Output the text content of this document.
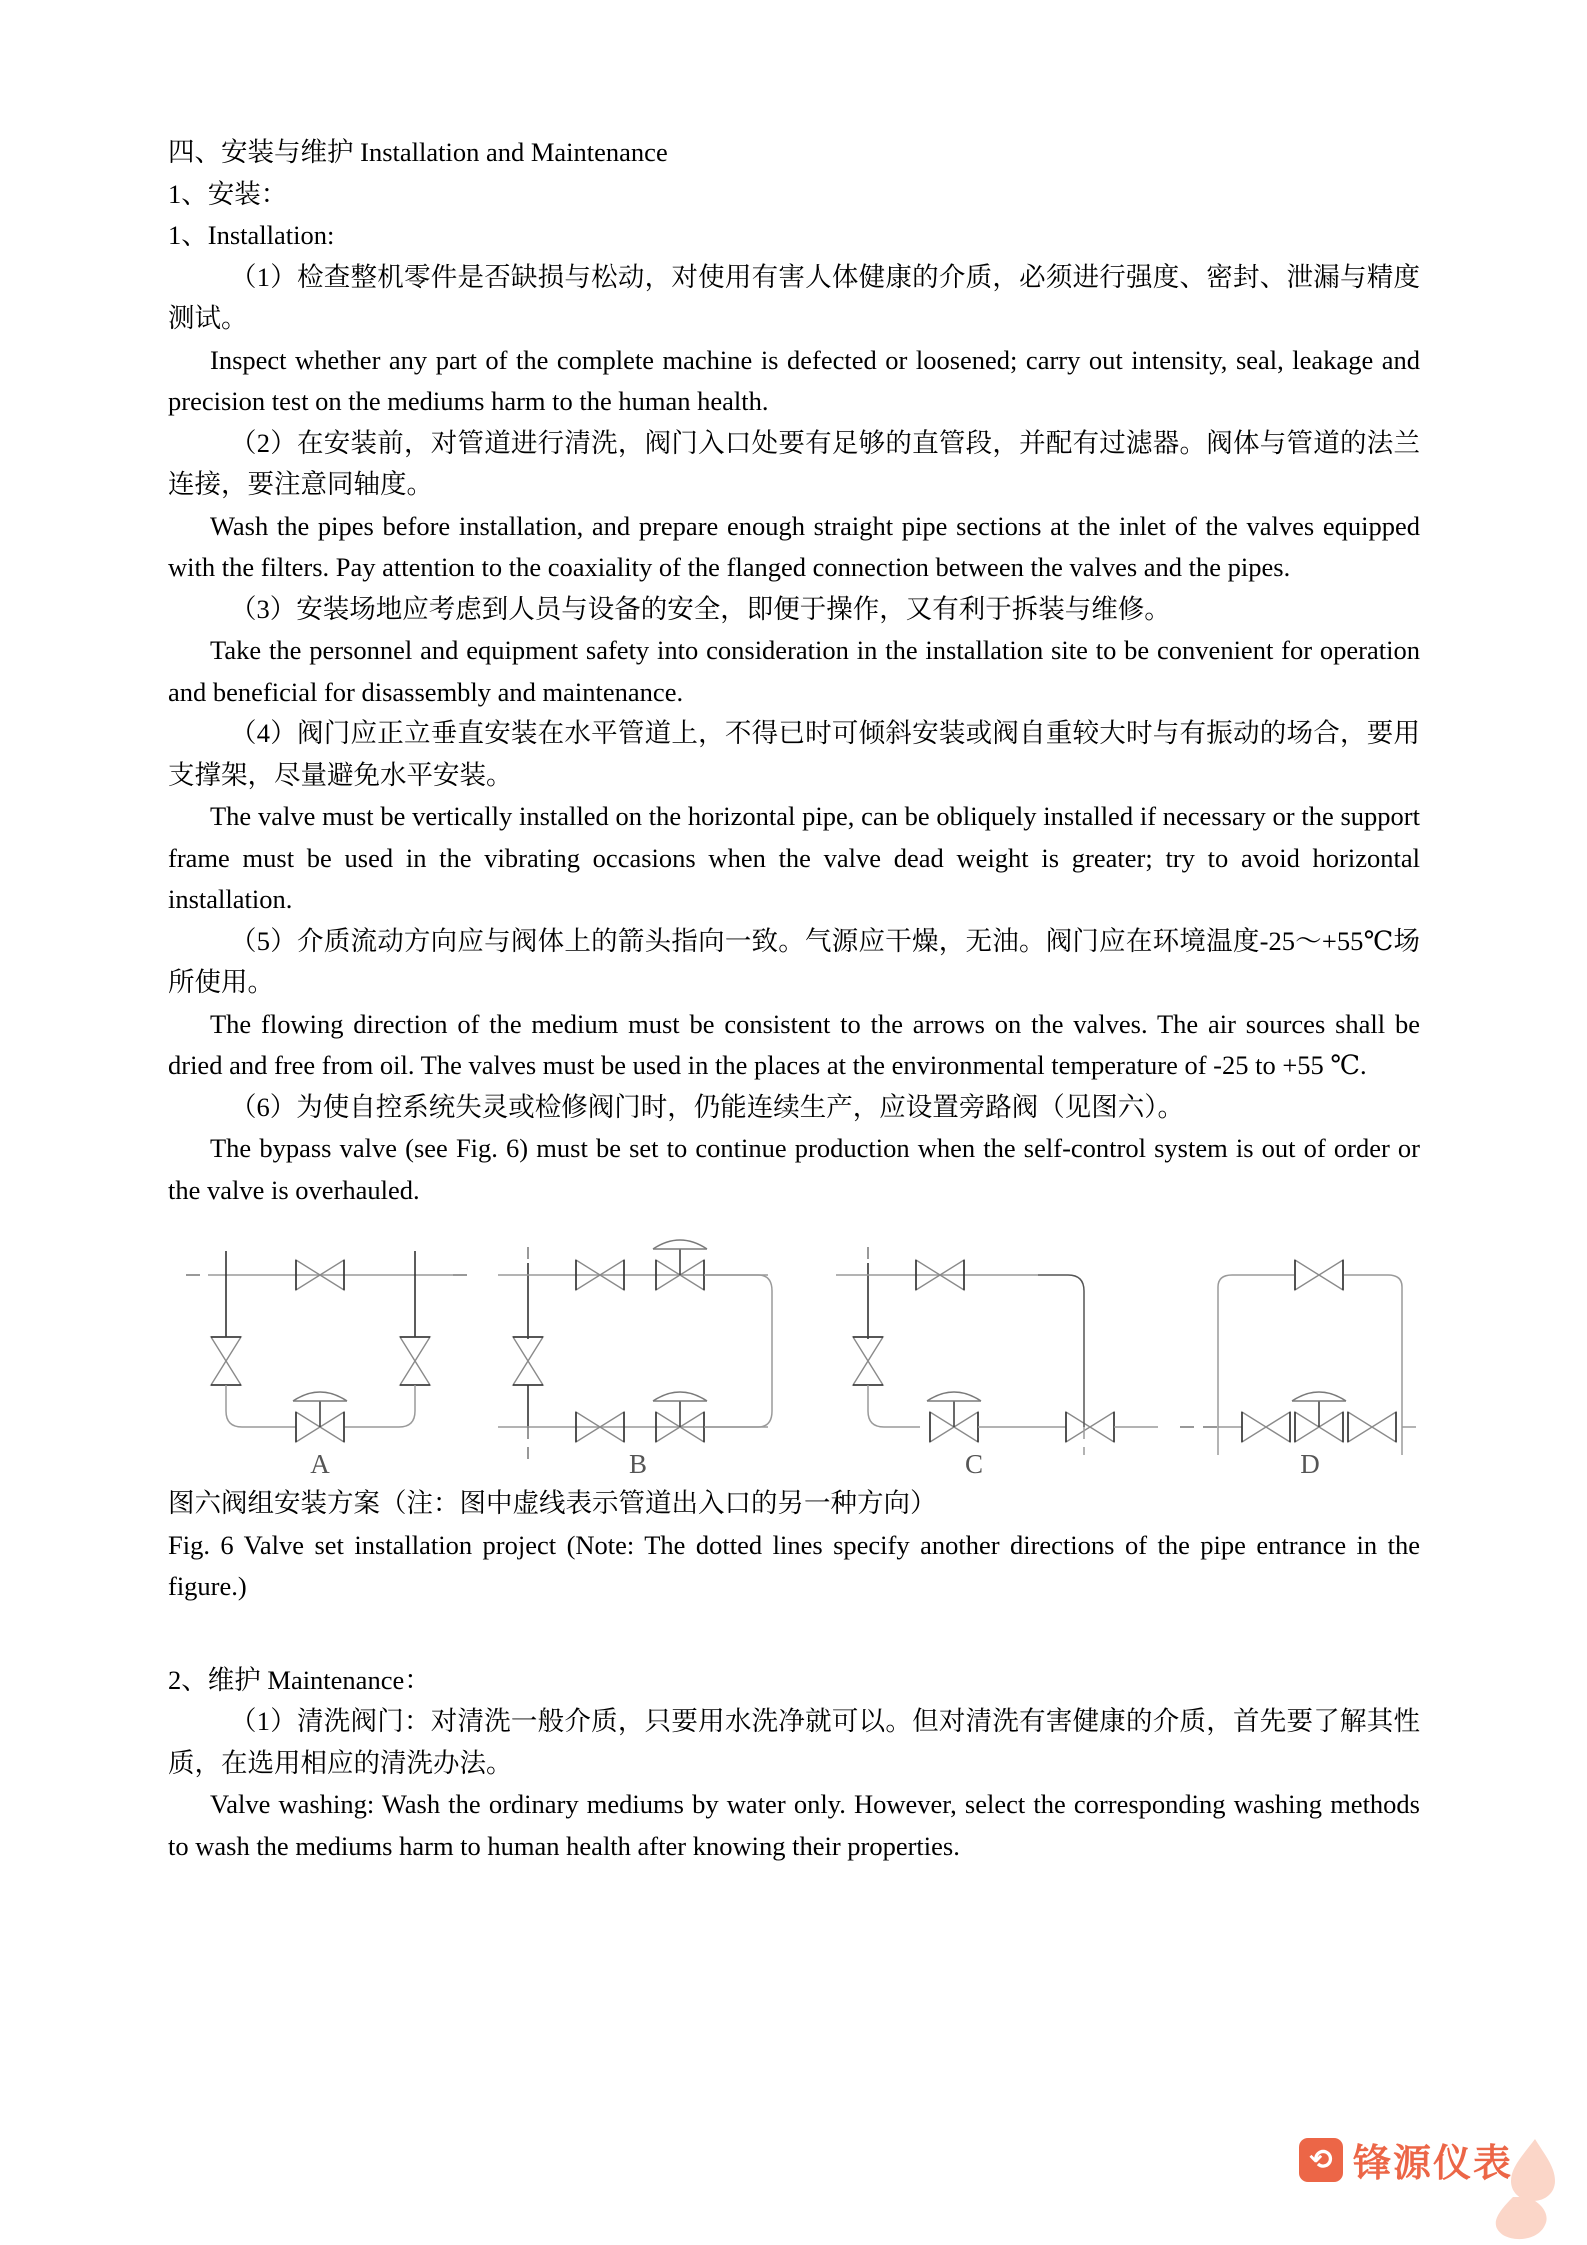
四、安装与维护 Installation and Maintenance

1、安装：

1、Installation:

（1）检查整机零件是否缺损与松动，对使用有害人体健康的介质，必须进行强度、密封、泄漏与精度测试。

Inspect whether any part of the complete machine is defected or loosened; carry out intensity, seal, leakage and precision test on the mediums harm to the human health.

（2）在安装前，对管道进行清洗，阀门入口处要有足够的直管段，并配有过滤器。阀体与管道的法兰连接，要注意同轴度。

Wash the pipes before installation, and prepare enough straight pipe sections at the inlet of the valves equipped with the filters. Pay attention to the coaxiality of the flanged connection between the valves and the pipes.

（3）安装场地应考虑到人员与设备的安全，即便于操作，又有利于拆装与维修。

Take the personnel and equipment safety into consideration in the installation site to be convenient for operation and beneficial for disassembly and maintenance.

（4）阀门应正立垂直安装在水平管道上，不得已时可倾斜安装或阀自重较大时与有振动的场合，要用支撑架，尽量避免水平安装。

The valve must be vertically installed on the horizontal pipe, can be obliquely installed if necessary or the support frame must be used in the vibrating occasions when the valve dead weight is greater; try to avoid horizontal installation.

（5）介质流动方向应与阀体上的箭头指向一致。气源应干燥，无油。阀门应在环境温度-25～+55℃场所使用。

The flowing direction of the medium must be consistent to the arrows on the valves. The air sources shall be dried and free from oil. The valves must be used in the places at the environmental temperature of -25 to +55 ℃.

（6）为使自控系统失灵或检修阀门时，仍能连续生产，应设置旁路阀（见图六）。

The bypass valve (see Fig. 6) must be set to continue production when the self-control system is out of order or the valve is overhauled.

A	B	C	D

图六阀组安装方案（注：图中虚线表示管道出入口的另一种方向）

Fig. 6 Valve set installation project (Note: The dotted lines specify another directions of the pipe entrance in the figure.)

2、维护 Maintenance：

（1）清洗阀门：对清洗一般介质，只要用水洗净就可以。但对清洗有害健康的介质，首先要了解其性质，在选用相应的清洗办法。

Valve washing: Wash the ordinary mediums by water only. However, select the corresponding washing methods to wash the mediums harm to human health after knowing their properties.

⟲ 锋源仪表
